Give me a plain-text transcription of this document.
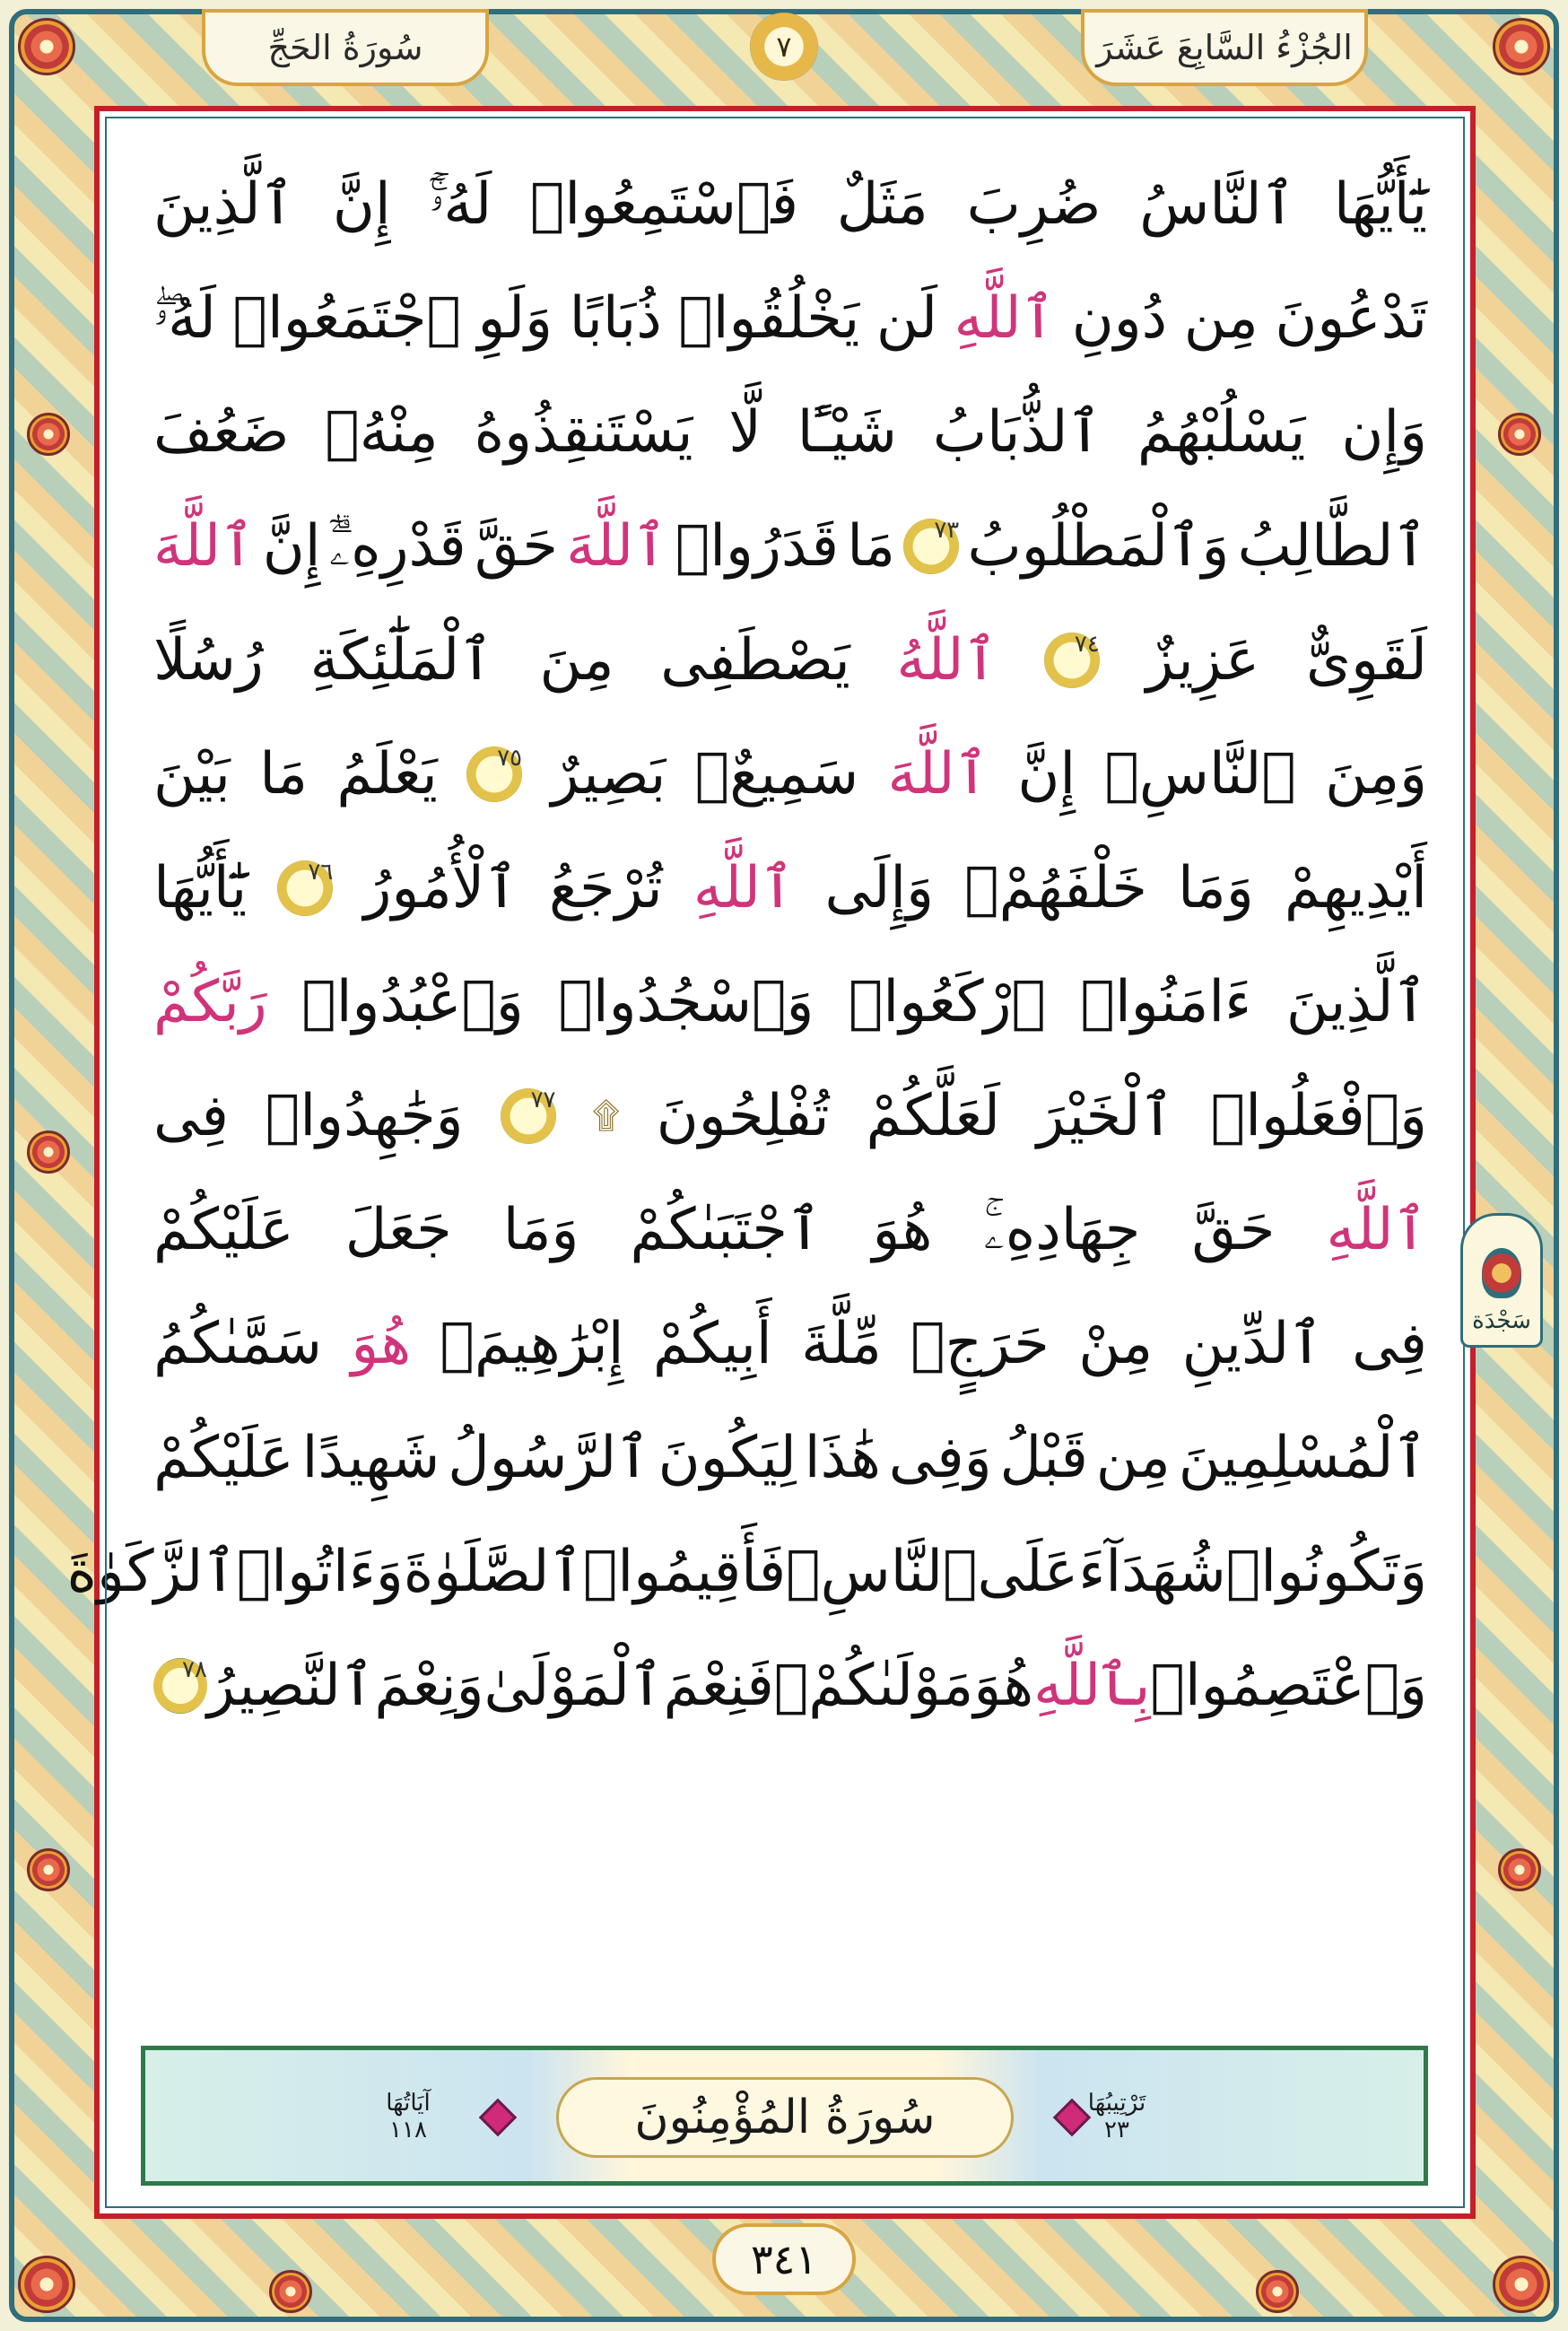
سُورَةُ الحَجِّ	الجُزْءُ السَّابِعَ عَشَرَ
٧
يَٰٓأَيُّهَا
ٱلنَّاسُ
ضُرِبَ
مَثَلٌ
فَٱسْتَمِعُوا۟
لَهُۥٓۚ
إِنَّ
ٱلَّذِينَ
تَدْعُونَ
مِن
دُونِ
ٱللَّهِ
لَن
يَخْلُقُوا۟
ذُبَابًا
وَلَوِ
ٱجْتَمَعُوا۟
لَهُۥۖ
وَإِن
يَسْلُبْهُمُ
ٱلذُّبَابُ
شَيْـًٔا
لَّا
يَسْتَنقِذُوهُ
مِنْهُۚ
ضَعُفَ
ٱلطَّالِبُ
وَٱلْمَطْلُوبُ
٧٣
مَا
قَدَرُوا۟
ٱللَّهَ
حَقَّ
قَدْرِهِۦٓۗ
إِنَّ
ٱللَّهَ
لَقَوِىٌّ
عَزِيزٌ
٧٤
ٱللَّهُ
يَصْطَفِى
مِنَ
ٱلْمَلَٰٓئِكَةِ
رُسُلًا
وَمِنَ
ٱلنَّاسِۚ
إِنَّ
ٱللَّهَ
سَمِيعٌۢ
بَصِيرٌ
٧٥
يَعْلَمُ
مَا
بَيْنَ
أَيْدِيهِمْ
وَمَا
خَلْفَهُمْۗ
وَإِلَى
ٱللَّهِ
تُرْجَعُ
ٱلْأُمُورُ
٧٦
يَٰٓأَيُّهَا
ٱلَّذِينَ
ءَامَنُوا۟
ٱرْكَعُوا۟
وَٱسْجُدُوا۟
وَٱعْبُدُوا۟
رَبَّكُمْ
وَٱفْعَلُوا۟
ٱلْخَيْرَ
لَعَلَّكُمْ
تُفْلِحُونَ
۩
٧٧
وَجَٰهِدُوا۟
فِى
ٱللَّهِ
حَقَّ
جِهَادِهِۦۚ
هُوَ
ٱجْتَبَىٰكُمْ
وَمَا
جَعَلَ
عَلَيْكُمْ
فِى
ٱلدِّينِ
مِنْ
حَرَجٍۚ
مِّلَّةَ
أَبِيكُمْ
إِبْرَٰهِيمَۚ
هُوَ
سَمَّىٰكُمُ
ٱلْمُسْلِمِينَ
مِن
قَبْلُ
وَفِى
هَٰذَا
لِيَكُونَ
ٱلرَّسُولُ
شَهِيدًا
عَلَيْكُمْ
وَتَكُونُوا۟
شُهَدَآءَ
عَلَى
ٱلنَّاسِۚ
فَأَقِيمُوا۟
ٱلصَّلَوٰةَ
وَءَاتُوا۟
ٱلزَّكَوٰةَ
وَٱعْتَصِمُوا۟
بِٱللَّهِ
هُوَ
مَوْلَىٰكُمْۖ
فَنِعْمَ
ٱلْمَوْلَىٰ
وَنِعْمَ
ٱلنَّصِيرُ
٧٨
سَجْدَة
آيَاتُهَا
١١٨	سُورَةُ المُؤْمِنُونَ	تَرْتِيبُهَا
٢٣
٣٤١
